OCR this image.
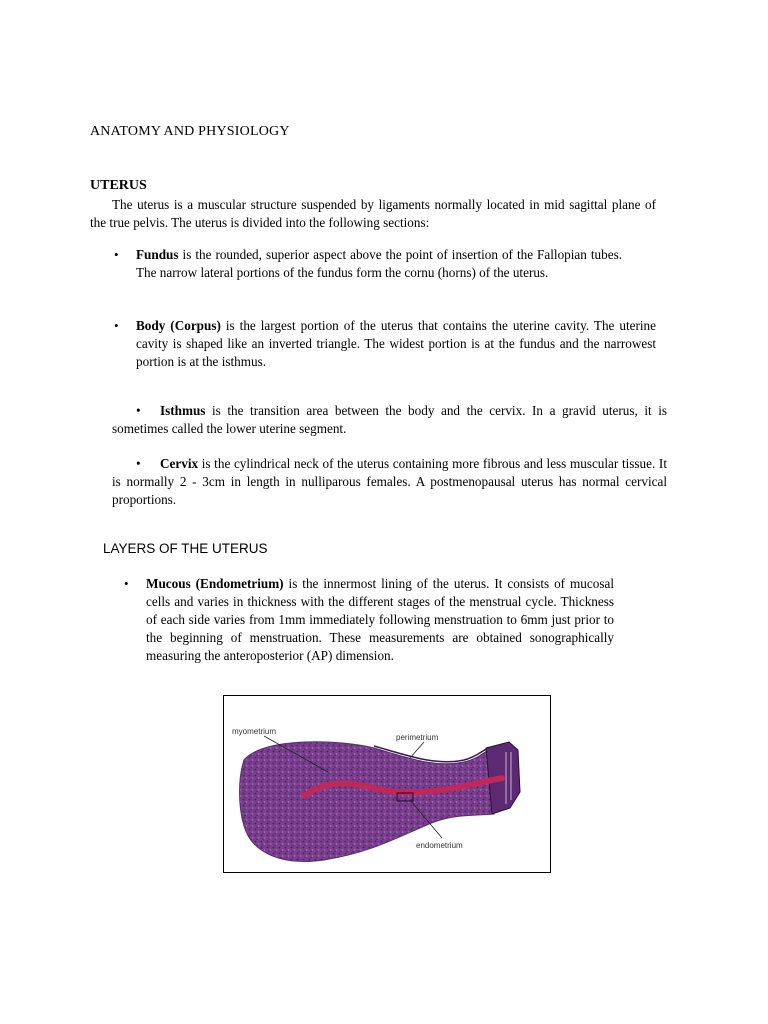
ANATOMY AND PHYSIOLOGY
UTERUS

The uterus is a muscular structure suspended by ligaments normally located in mid sagittal plane of the true pelvis. The uterus is divided into the following sections:

• Fundus is the rounded, superior aspect above the point of insertion of the Fallopian tubes. The narrow lateral portions of the fundus form the cornu (horns) of the uterus.

• Body (Corpus) is the largest portion of the uterus that contains the uterine cavity. The uterine cavity is shaped like an inverted triangle. The widest portion is at the fundus and the narrowest portion is at the isthmus.

• Isthmus is the transition area between the body and the cervix. In a gravid uterus, it is sometimes called the lower uterine segment.

• Cervix is the cylindrical neck of the uterus containing more fibrous and less muscular tissue. It is normally 2 - 3cm in length in nulliparous females. A postmenopausal uterus has normal cervical proportions.

LAYERS OF THE UTERUS
• Mucous (Endometrium) is the innermost lining of the uterus. It consists of mucosal cells and varies in thickness with the different stages of the menstrual cycle. Thickness of each side varies from 1mm immediately following menstruation to 6mm just prior to the beginning of menstruation. These measurements are obtained sonographically measuring the anteroposterior (AP) dimension.

myometrium
perimetrium
endometrium
